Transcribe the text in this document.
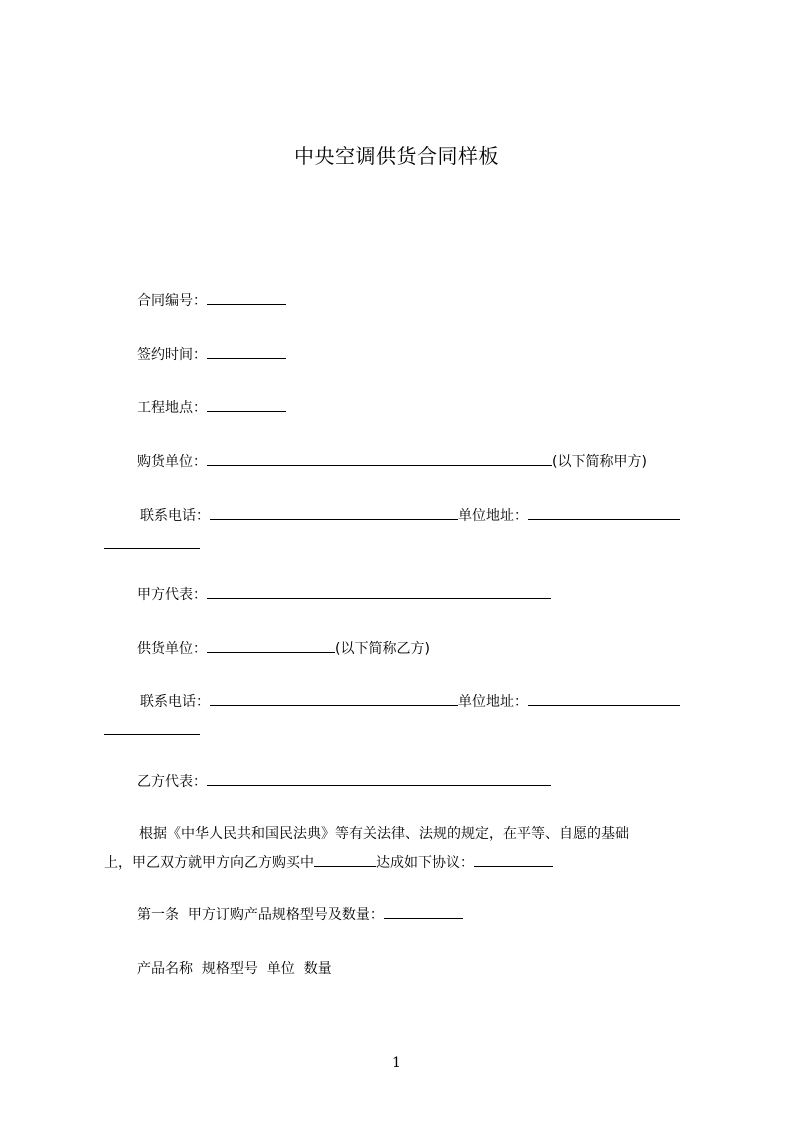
中央空调供货合同样板
合同编号：
签约时间：
工程地点：
购货单位：	(以下简称甲方)
联系电话：	单位地址：
甲方代表：
供货单位：	(以下简称乙方)
联系电话：	单位地址：
乙方代表：
根据《中华人民共和国民法典》等有关法律、法规的规定，在平等、自愿的基础
上，甲乙双方就甲方向乙方购买中	达成如下协议：
第一条  甲方订购产品规格型号及数量：
产品名称  规格型号  单位  数量
1
